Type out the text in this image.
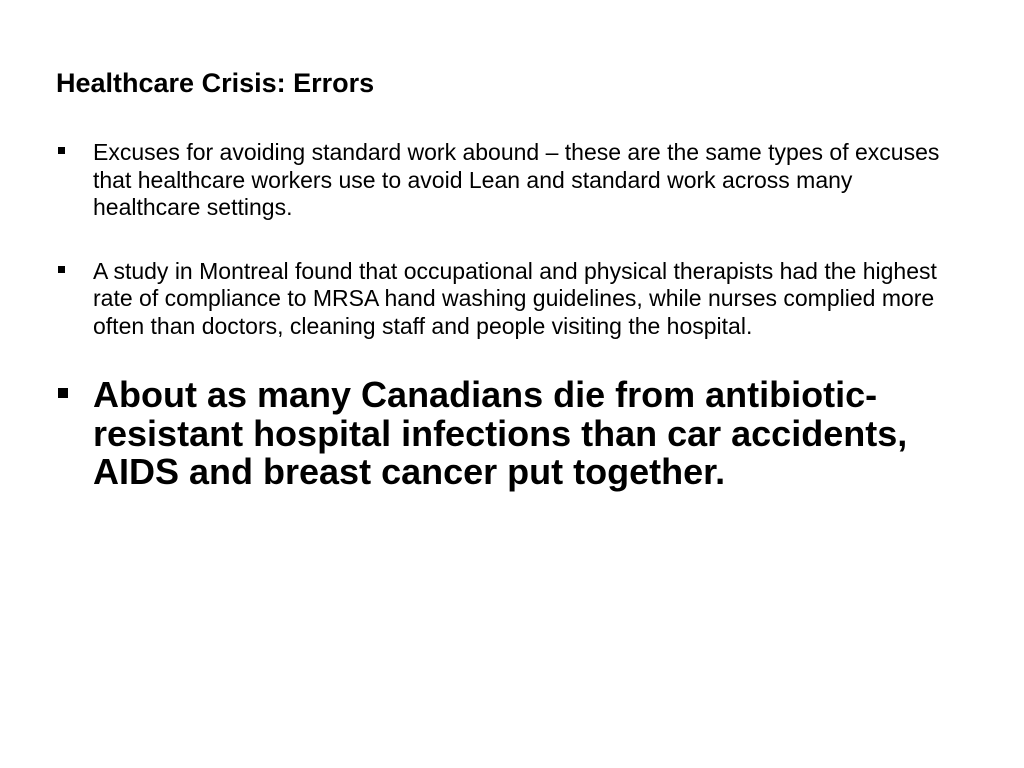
Healthcare Crisis: Errors
Excuses for avoiding standard work abound – these are the same types of excuses that healthcare workers use to avoid Lean and standard work across many healthcare settings.
A study in Montreal found that occupational and physical therapists had the highest rate of compliance to MRSA hand washing guidelines, while nurses complied more often than doctors, cleaning staff and people visiting the hospital.
About as many Canadians die from antibiotic-resistant hospital infections than car accidents, AIDS and breast cancer put together.
